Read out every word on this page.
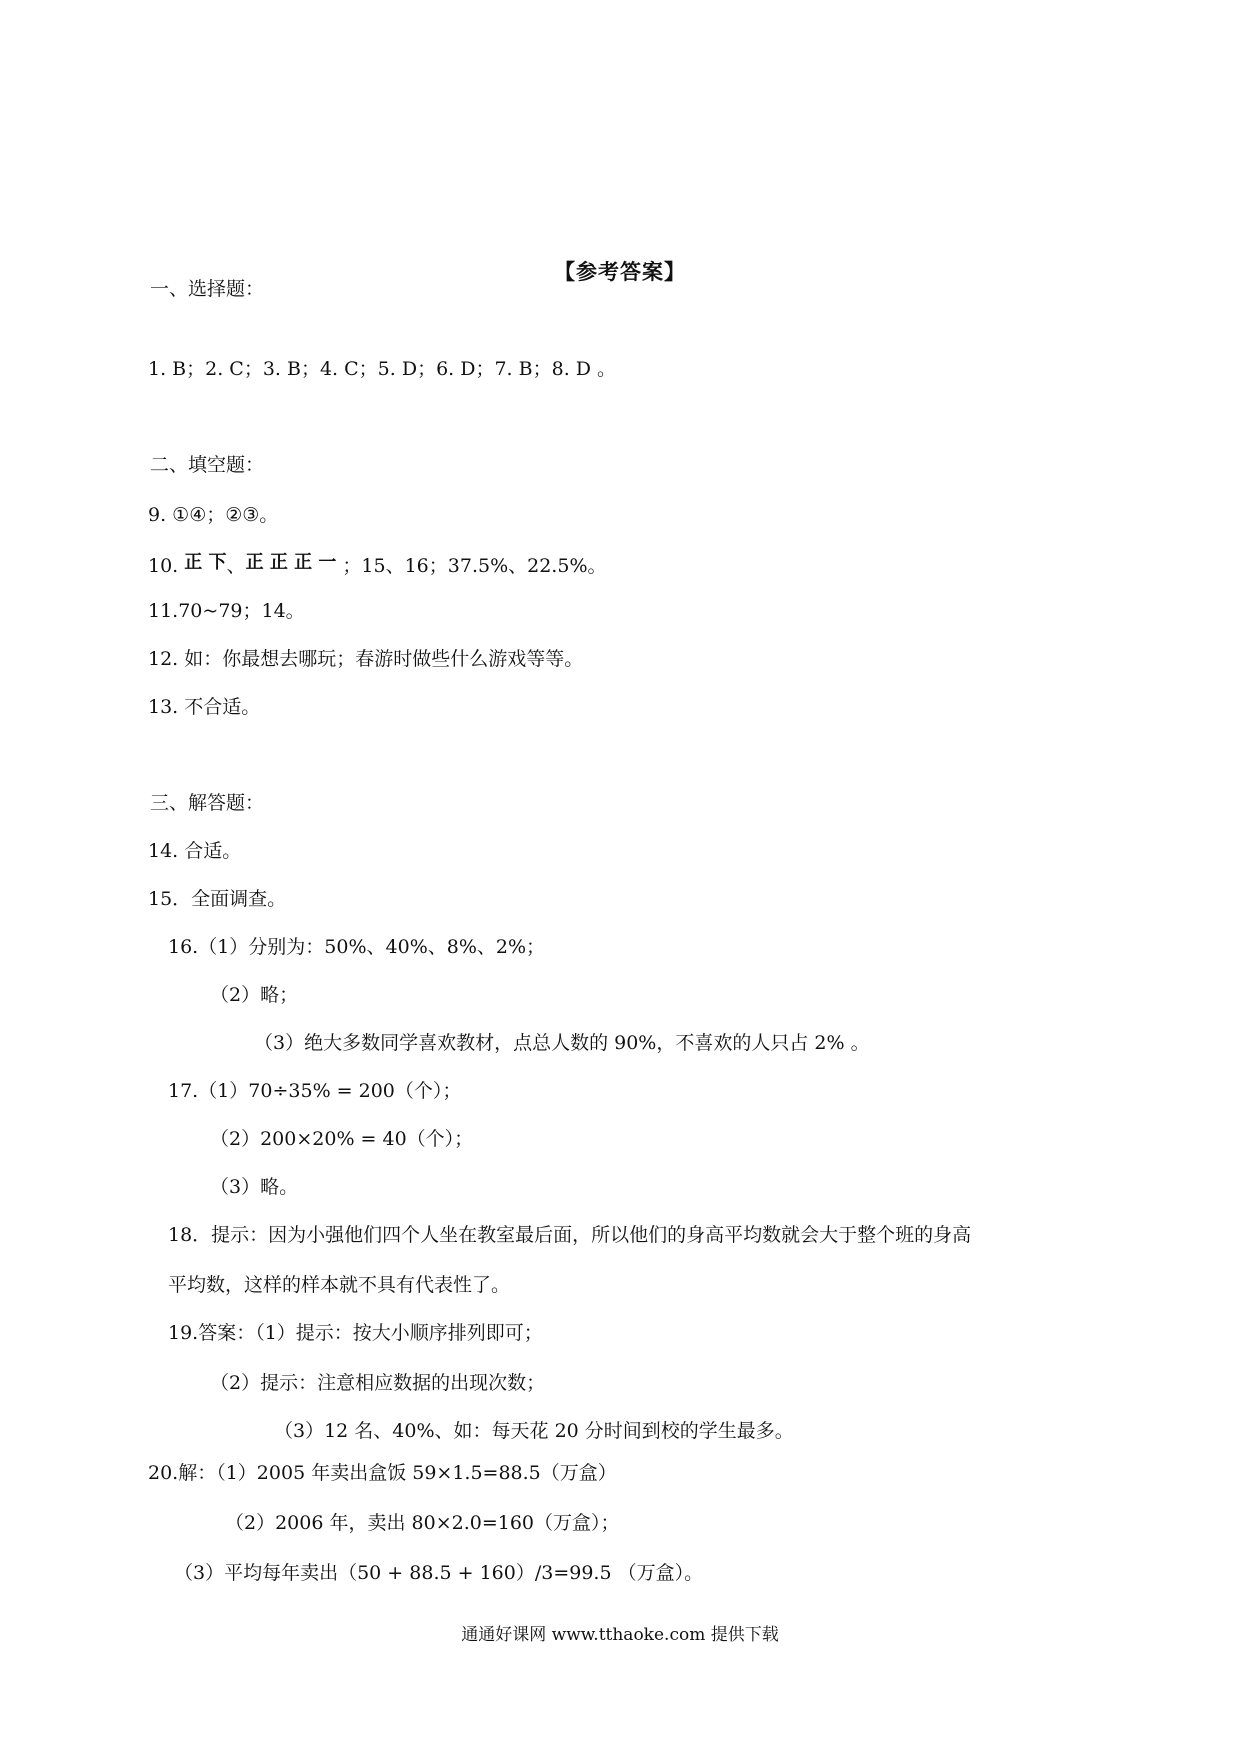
【参考答案】
一、选择题：
1. B；2. C；3. B；4. C；5. D；6. D；7. B；8. D 。
二、填空题：
9. ①④；②③。
10. 正 下、正 正 正 一 ；15、16；37.5%、22.5%。
11.70~79；14。
12. 如：你最想去哪玩；春游时做些什么游戏等等。
13. 不合适。
三、解答题：
14. 合适。
15．全面调查。
16.（1）分别为：50%、40%、8%、2%；
（2）略；
（3）绝大多数同学喜欢教材，点总人数的 90%，不喜欢的人只占 2% 。
17.（1）70÷35% = 200（个）；
（2）200×20% = 40（个）；
（3）略。
18．提示：因为小强他们四个人坐在教室最后面，所以他们的身高平均数就会大于整个班的身高
平均数，这样的样本就不具有代表性了。
19.答案：（1）提示：按大小顺序排列即可；
（2）提示：注意相应数据的出现次数；
（3）12 名、40%、如：每天花 20 分时间到校的学生最多。
20.解：（1）2005 年卖出盒饭 59×1.5=88.5（万盒）
（2）2006 年，卖出 80×2.0=160（万盒）；
（3）平均每年卖出（50 + 88.5 + 160）/3=99.5 （万盒）。
通通好课网 www.tthaoke.com 提供下载
